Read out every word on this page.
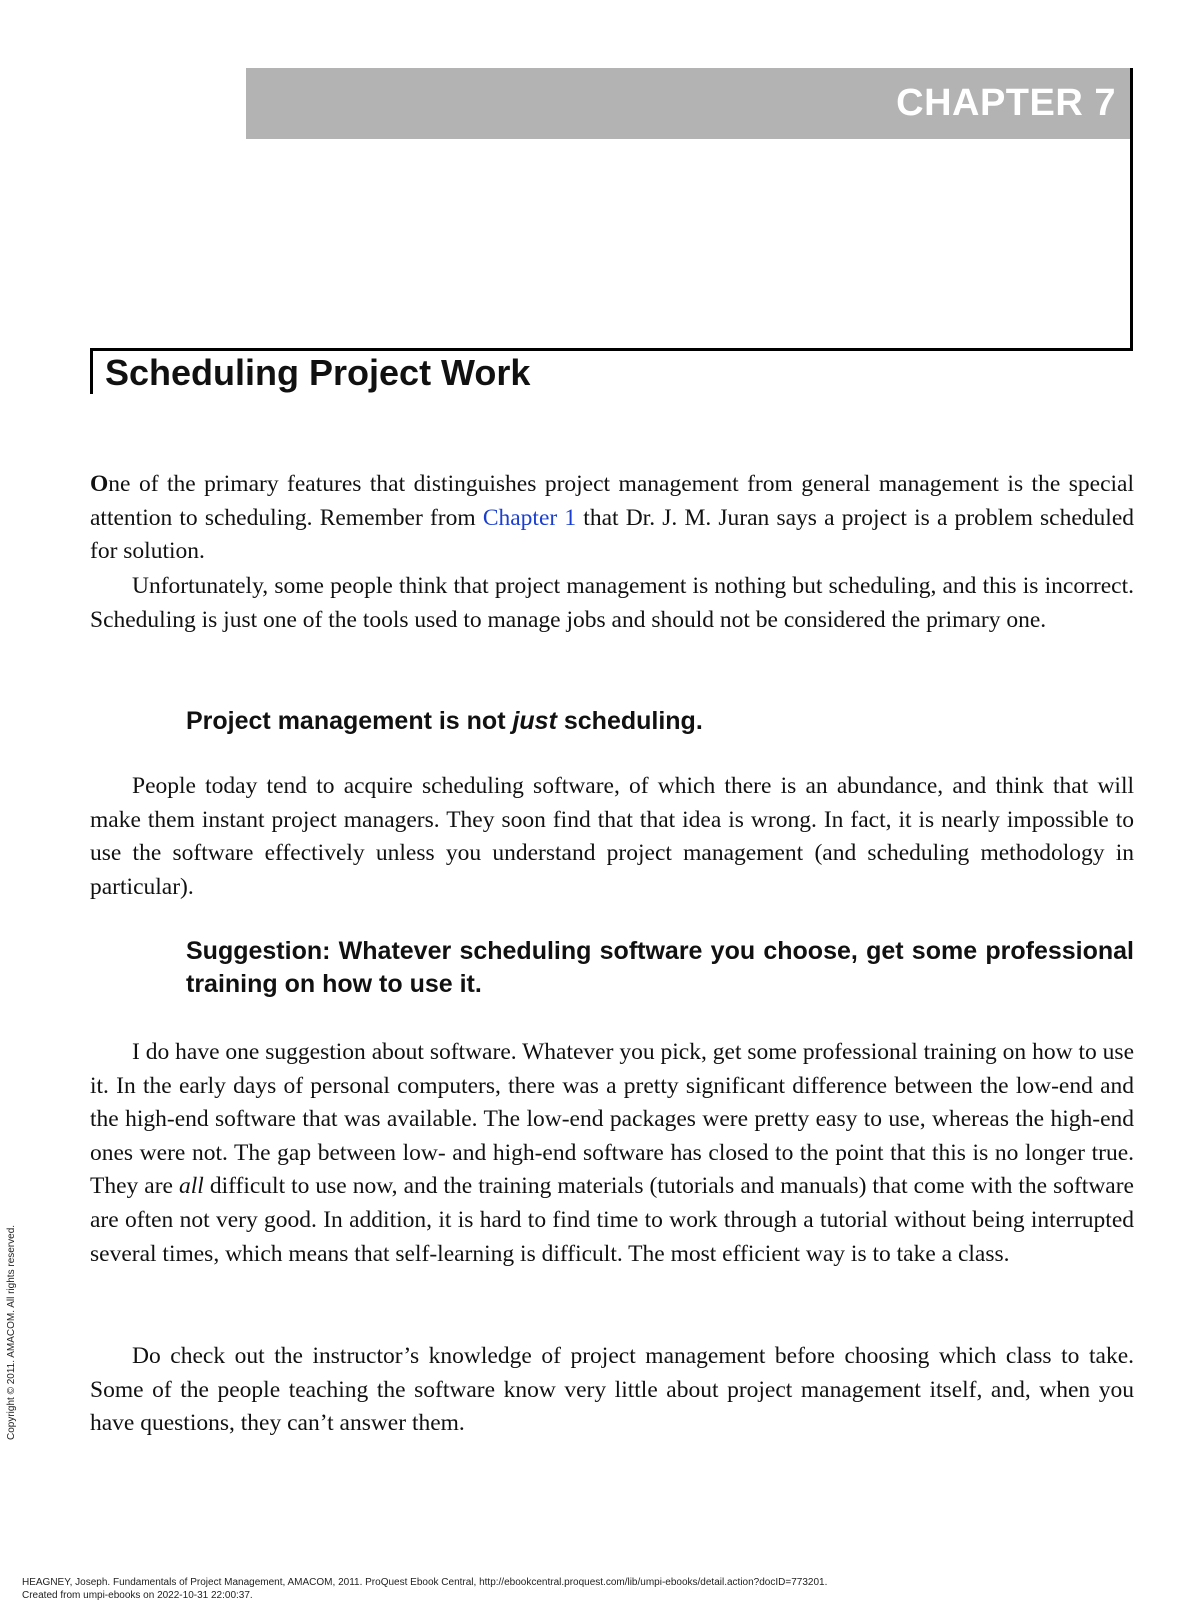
CHAPTER 7
Scheduling Project Work

One of the primary features that distinguishes project management from general management is the special attention to scheduling. Remember from Chapter 1 that Dr. J. M. Juran says a project is a problem scheduled for solution.

Unfortunately, some people think that project management is nothing but scheduling, and this is incorrect. Scheduling is just one of the tools used to manage jobs and should not be considered the primary one.

Project management is not just scheduling.

People today tend to acquire scheduling software, of which there is an abundance, and think that will make them instant project managers. They soon find that that idea is wrong. In fact, it is nearly impossible to use the software effectively unless you understand project management (and scheduling methodology in particular).

Suggestion: Whatever scheduling software you choose, get some professional training on how to use it.

I do have one suggestion about software. Whatever you pick, get some professional training on how to use it. In the early days of personal computers, there was a pretty significant difference between the low-end and the high-end software that was available. The low-end packages were pretty easy to use, whereas the high-end ones were not. The gap between low- and high-end software has closed to the point that this is no longer true. They are all difficult to use now, and the training materials (tutorials and manuals) that come with the software are often not very good. In addition, it is hard to find time to work through a tutorial without being interrupted several times, which means that self-learning is difficult. The most efficient way is to take a class.

Do check out the instructor’s knowledge of project management before choosing which class to take. Some of the people teaching the software know very little about project management itself, and, when you have questions, they can’t answer them.

Copyright © 2011. AMACOM. All rights reserved.
HEAGNEY, Joseph. Fundamentals of Project Management, AMACOM, 2011. ProQuest Ebook Central, http://ebookcentral.proquest.com/lib/umpi-ebooks/detail.action?docID=773201.
Created from umpi-ebooks on 2022-10-31 22:00:37.
